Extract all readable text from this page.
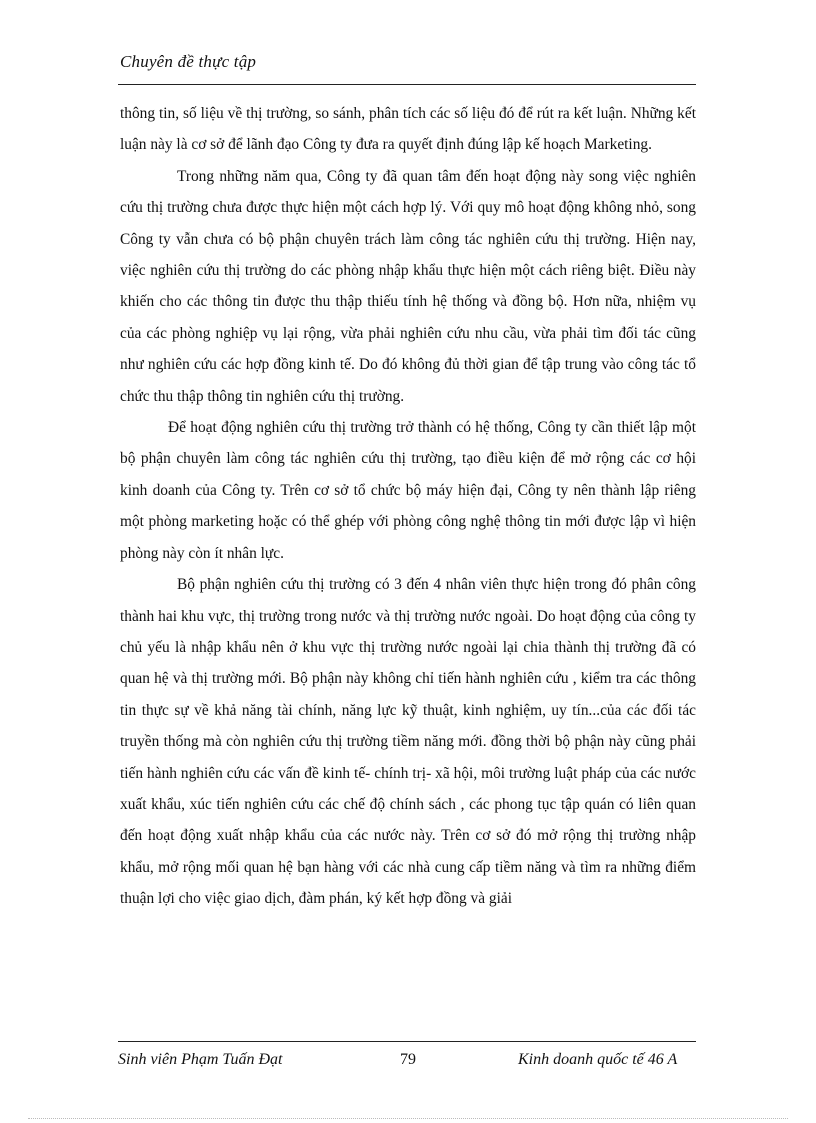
Chuyên đề thực tập

thông tin, số liệu về thị trường, so sánh, phân tích các số liệu đó để rút ra kết luận. Những kết luận này là cơ sở để lãnh đạo Công ty đưa ra quyết định đúng lập kế hoạch Marketing.

Trong những năm qua, Công ty đã quan tâm đến hoạt động này song việc nghiên cứu thị trường chưa được thực hiện một cách hợp lý. Với quy mô hoạt động không nhỏ, song Công ty vẫn chưa có bộ phận chuyên trách làm công tác nghiên cứu thị trường. Hiện nay, việc nghiên cứu thị trường do các phòng nhập khẩu thực hiện một cách riêng biệt. Điều này khiến cho các thông tin được thu thập thiếu tính hệ thống và đồng bộ. Hơn nữa, nhiệm vụ của các phòng nghiệp vụ lại rộng, vừa phải nghiên cứu nhu cầu, vừa phải tìm đối tác cũng như nghiên cứu các hợp đồng kinh tế. Do đó không đủ thời gian để tập trung vào công tác tổ chức thu thập thông tin nghiên cứu thị trường.

Để hoạt động nghiên cứu thị trường trở thành có hệ thống, Công ty cần thiết lập một bộ phận chuyên làm công tác nghiên cứu thị trường, tạo điều kiện để mở rộng các cơ hội kinh doanh của Công ty. Trên cơ sở tổ chức bộ máy hiện đại, Công ty nên thành lập riêng một phòng marketing hoặc có thể ghép với phòng công nghệ thông tin mới được lập vì hiện phòng này còn ít nhân lực.

Bộ phận nghiên cứu thị trường có 3 đến 4 nhân viên thực hiện trong đó phân công thành hai khu vực, thị trường trong nước và thị trường nước ngoài. Do hoạt động của công ty chủ yếu là nhập khẩu nên ở khu vực thị trường nước ngoài lại chia thành thị trường đã có quan hệ và thị trường mới. Bộ phận này không chỉ tiến hành nghiên cứu , kiểm tra các thông tin thực sự về khả năng tài chính, năng lực kỹ thuật, kinh nghiệm, uy tín...của các đối tác truyền thống mà còn nghiên cứu thị trường tiềm năng mới. đồng thời bộ phận này cũng phải tiến hành nghiên cứu các vấn đề kinh tế- chính trị- xã hội, môi trường luật pháp của các nước xuất khẩu, xúc tiến nghiên cứu các chế độ chính sách , các phong tục tập quán có liên quan đến hoạt động xuất nhập khẩu của các nước này. Trên cơ sở đó mở rộng thị trường nhập khẩu, mở rộng mối quan hệ bạn hàng với các nhà cung cấp tiềm năng và tìm ra những điểm thuận lợi cho việc giao dịch, đàm phán, ký kết hợp đồng và giải

Sinh viên Phạm Tuấn Đạt	79	Kinh doanh quốc tế 46 A
